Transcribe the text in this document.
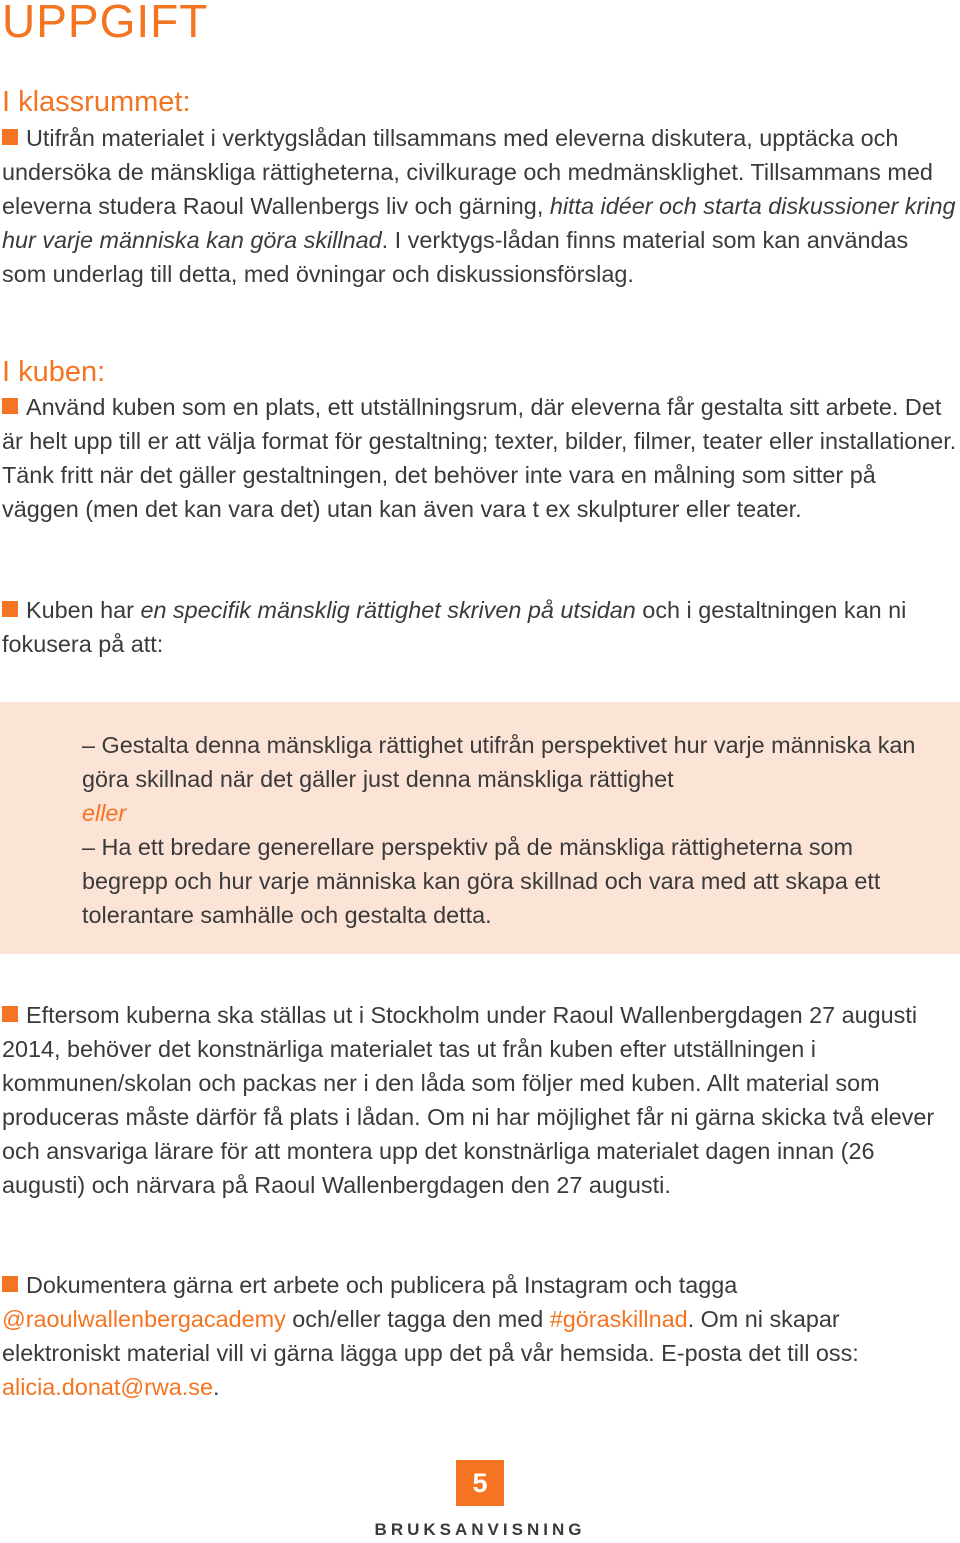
UPPGIFT
I klassrummet:

Utifrån materialet i verktygslådan tillsammans med eleverna diskutera, upptäcka och undersöka de mänskliga rättigheterna, civilkurage och medmänsklighet. Tillsammans med eleverna studera Raoul Wallenbergs liv och gärning, hitta idéer och starta diskussioner kring hur varje människa kan göra skillnad. I verktygs-lådan finns material som kan användas som underlag till detta, med övningar och diskussionsförslag.

I kuben:

Använd kuben som en plats, ett utställningsrum, där eleverna får gestalta sitt arbete. Det är helt upp till er att välja format för gestaltning; texter, bilder, filmer, teater eller installationer. Tänk fritt när det gäller gestaltningen, det behöver inte vara en målning som sitter på väggen (men det kan vara det) utan kan även vara t ex skulpturer eller teater.

Kuben har en specifik mänsklig rättighet skriven på utsidan och i gestaltningen kan ni fokusera på att:

– Gestalta denna mänskliga rättighet utifrån perspektivet hur varje människa kan göra skillnad när det gäller just denna mänskliga rättighet

eller

– Ha ett bredare generellare perspektiv på de mänskliga rättigheterna som begrepp och hur varje människa kan göra skillnad och vara med att skapa ett tolerantare samhälle och gestalta detta.

Eftersom kuberna ska ställas ut i Stockholm under Raoul Wallenbergdagen 27 augusti 2014, behöver det konstnärliga materialet tas ut från kuben efter utställningen i kommunen/skolan och packas ner i den låda som följer med kuben. Allt material som produceras måste därför få plats i lådan. Om ni har möjlighet får ni gärna skicka två elever och ansvariga lärare för att montera upp det konstnärliga materialet dagen innan (26 augusti) och närvara på Raoul Wallenbergdagen den 27 augusti.

Dokumentera gärna ert arbete och publicera på Instagram och tagga @raoulwallenbergacademy och/eller tagga den med #göraskillnad. Om ni skapar elektroniskt material vill vi gärna lägga upp det på vår hemsida. E-posta det till oss: alicia.donat@rwa.se.

5
BRUKSANVISNING
